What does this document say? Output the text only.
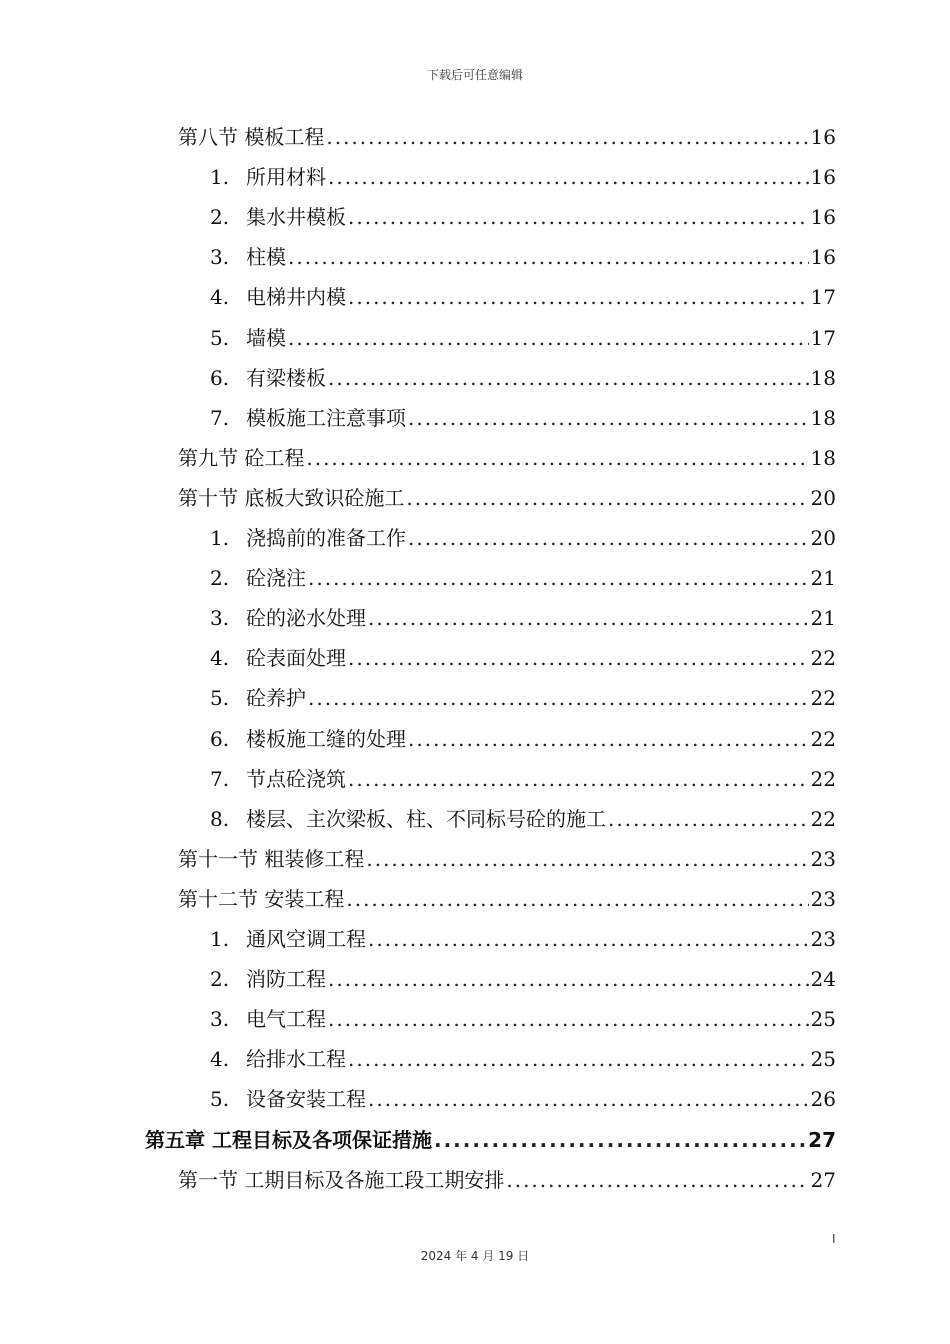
下载后可任意编辑
第八节 模板工程 .....	16
1. 所用材料 .....	16
2. 集水井模板 .....	16
3. 柱模 .....	16
4. 电梯井内模 .....	17
5. 墙模 .....	17
6. 有梁楼板 .....	18
7. 模板施工注意事项 .....	18
第九节 砼工程 .....	18
第十节 底板大致识砼施工 .....	20
1. 浇捣前的准备工作 .....	20
2. 砼浇注 .....	21
3. 砼的泌水处理 .....	21
4. 砼表面处理 .....	22
5. 砼养护 .....	22
6. 楼板施工缝的处理 .....	22
7. 节点砼浇筑 .....	22
8. 楼层、主次梁板、柱、不同标号砼的施工 .....	22
第十一节 粗装修工程 .....	23
第十二节 安装工程 .....	23
1. 通风空调工程 .....	23
2. 消防工程 .....	24
3. 电气工程 .....	25
4. 给排水工程 .....	25
5. 设备安装工程 .....	26
第五章 工程目标及各项保证措施 .....	27
第一节 工期目标及各施工段工期安排 .....	27
I
2024 年 4 月 19 日
